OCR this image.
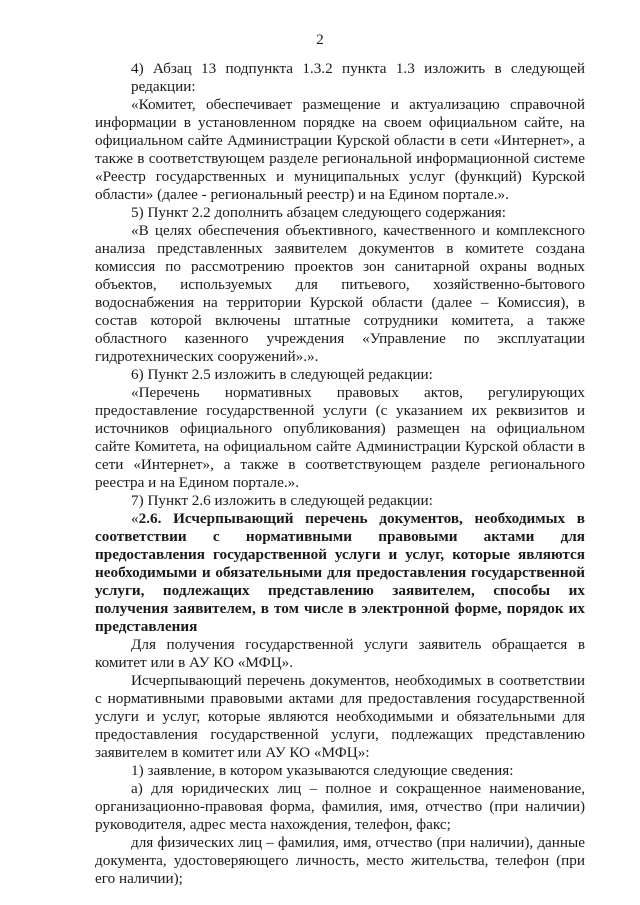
2

4) Абзац 13 подпункта 1.3.2 пункта 1.3 изложить в следующей редакции:

«Комитет, обеспечивает размещение и актуализацию справочной информации в установленном порядке на своем официальном сайте, на официальном сайте Администрации Курской области в сети «Интернет», а также в соответствующем разделе региональной информационной системе «Реестр государственных и муниципальных услуг (функций) Курской области» (далее - региональный реестр) и на Едином портале.».

5) Пункт 2.2 дополнить абзацем следующего содержания:

«В целях обеспечения объективного, качественного и комплексного анализа представленных заявителем документов в комитете создана комиссия по рассмотрению проектов зон санитарной охраны водных объектов, используемых для питьевого, хозяйственно-бытового водоснабжения на территории Курской области (далее – Комиссия), в состав которой включены штатные сотрудники комитета, а также областного казенного учреждения «Управление по эксплуатации гидротехнических сооружений».».

6) Пункт 2.5 изложить в следующей редакции:

«Перечень нормативных правовых актов, регулирующих предоставление государственной услуги (с указанием их реквизитов и источников официального опубликования) размещен на официальном сайте Комитета, на официальном сайте Администрации Курской области в сети «Интернет», а также в соответствующем разделе регионального реестра и на Едином портале.».

7) Пункт 2.6 изложить в следующей редакции:

«2.6. Исчерпывающий перечень документов, необходимых в соответствии с нормативными правовыми актами для предоставления государственной услуги и услуг, которые являются необходимыми и обязательными для предоставления государственной услуги, подлежащих представлению заявителем, способы их получения заявителем, в том числе в электронной форме, порядок их представления

Для получения государственной услуги заявитель обращается в комитет или в АУ КО «МФЦ».

Исчерпывающий перечень документов, необходимых в соответствии с нормативными правовыми актами для предоставления государственной услуги и услуг, которые являются необходимыми и обязательными для предоставления государственной услуги, подлежащих представлению заявителем в комитет или АУ КО «МФЦ»:

1) заявление, в котором указываются следующие сведения:

а) для юридических лиц – полное и сокращенное наименование, организационно-правовая форма, фамилия, имя, отчество (при наличии) руководителя, адрес места нахождения, телефон, факс;

для физических лиц – фамилия, имя, отчество (при наличии), данные документа, удостоверяющего личность, место жительства, телефон (при его наличии);
